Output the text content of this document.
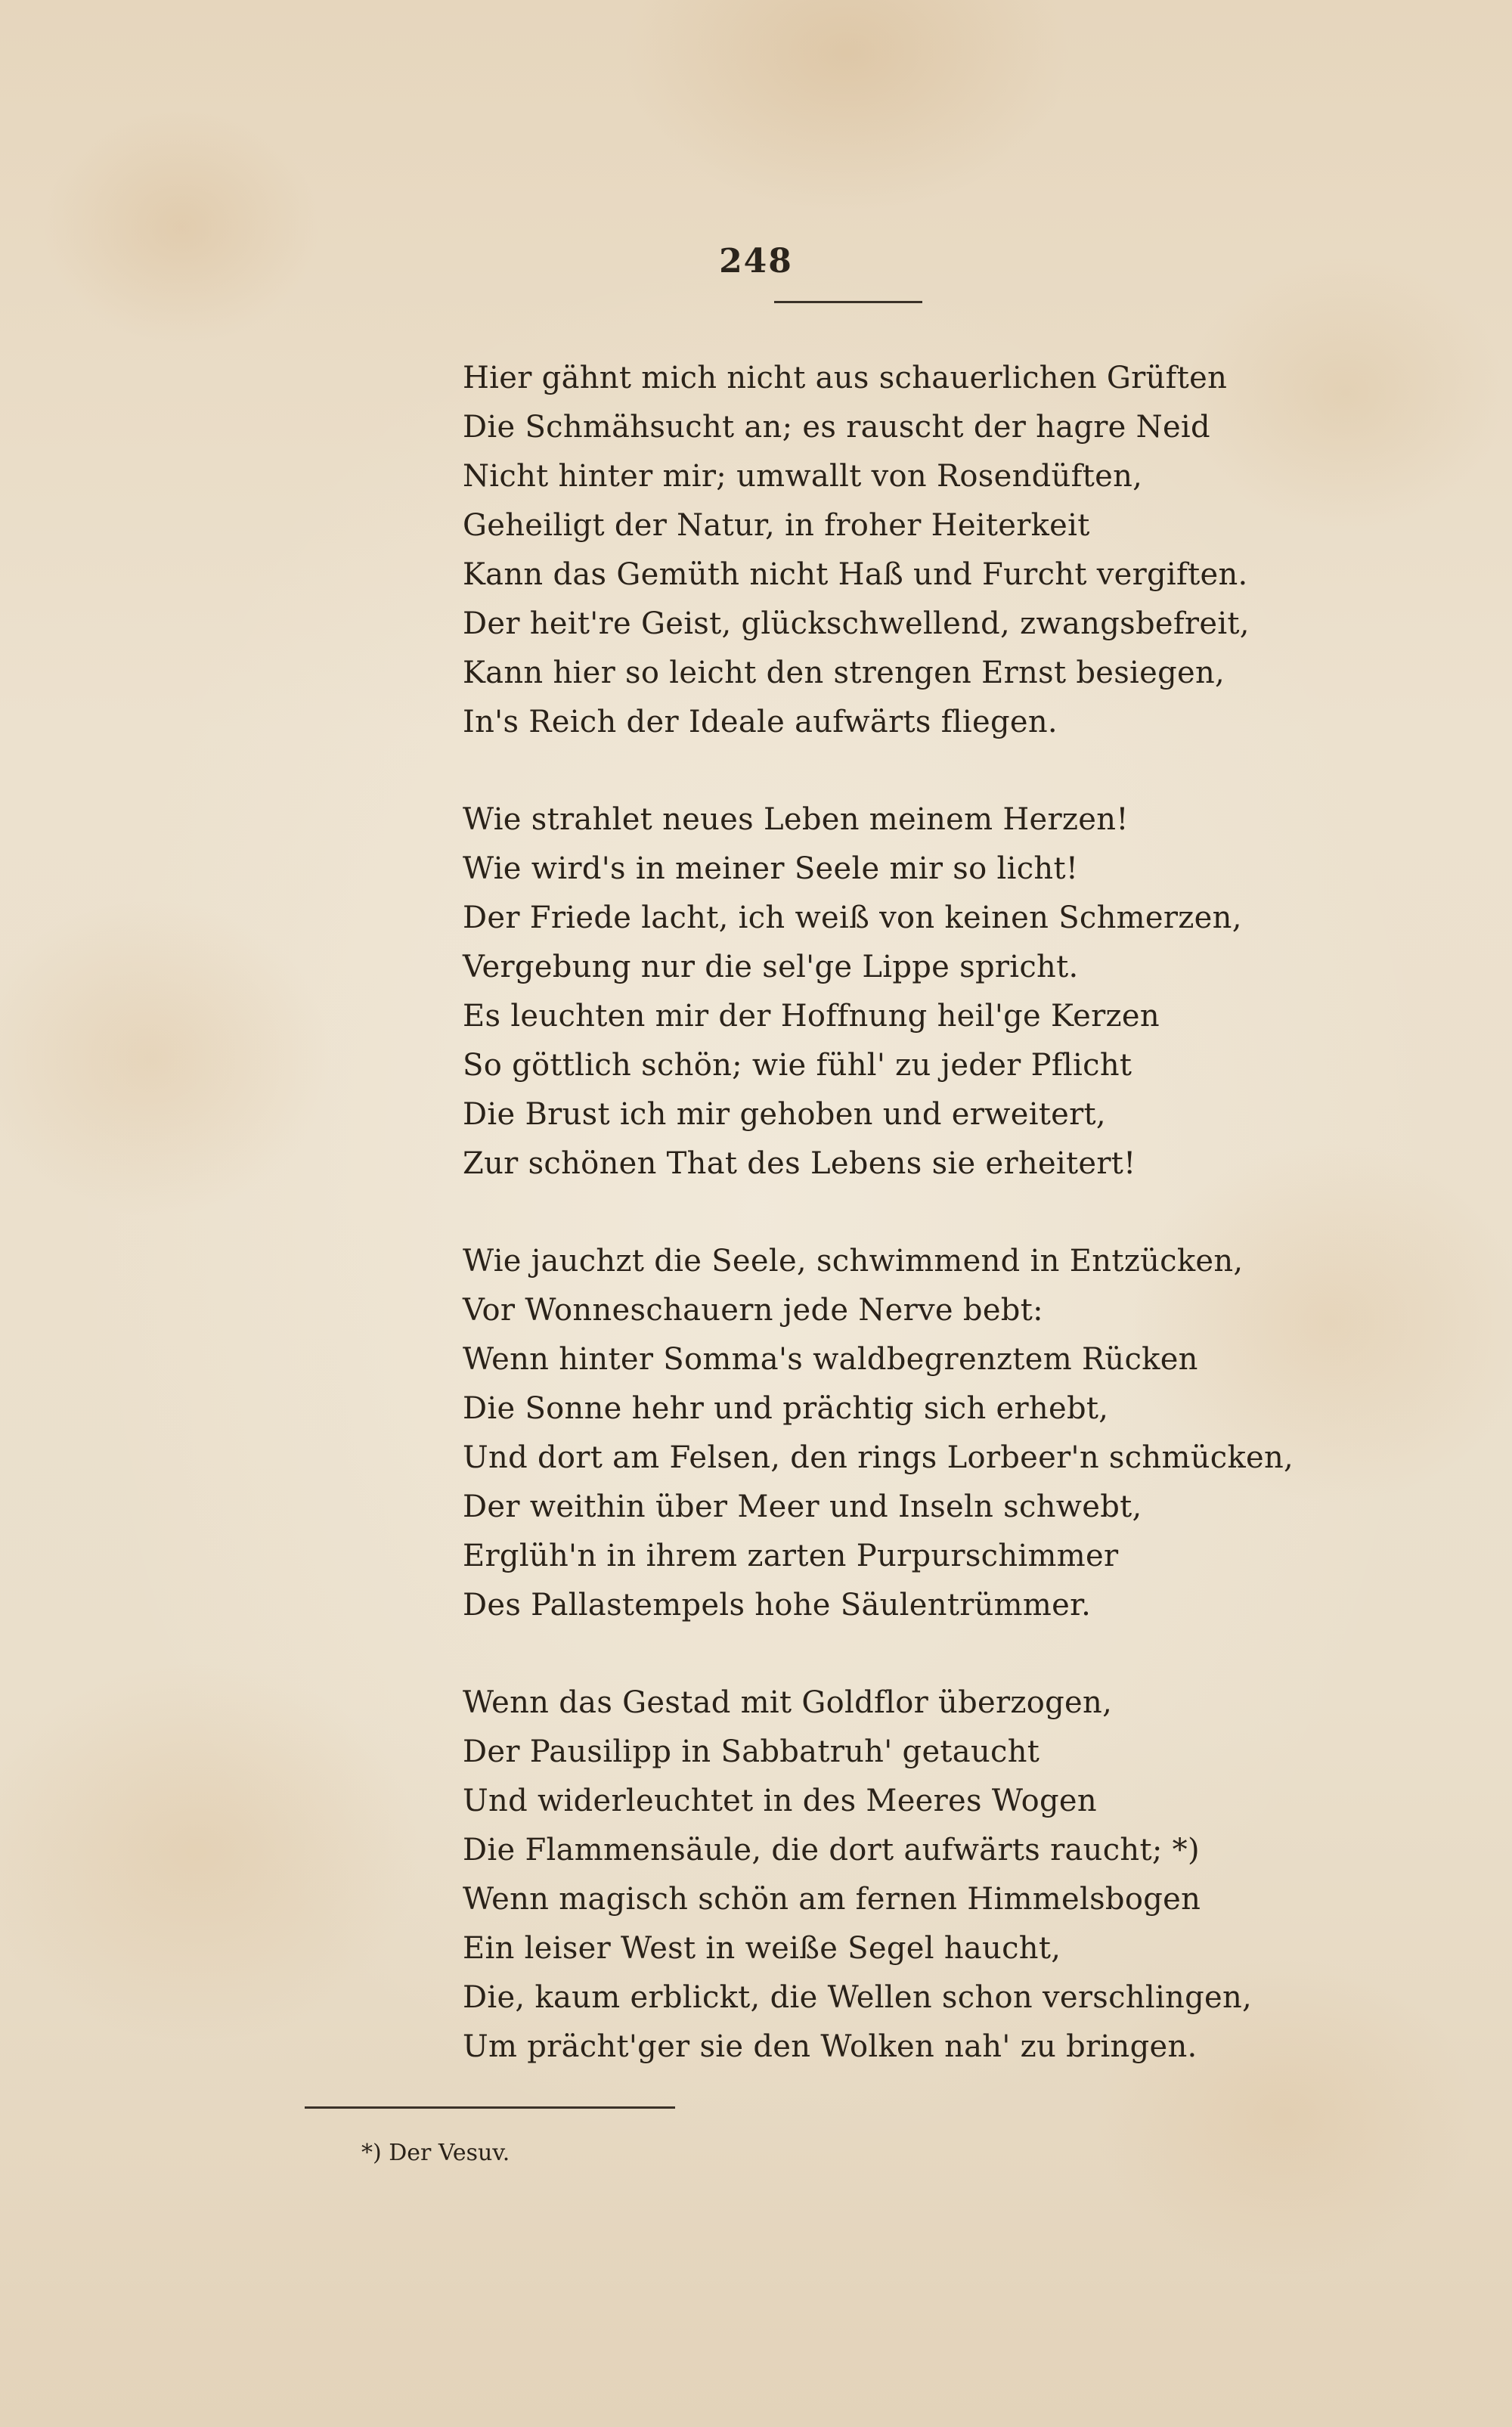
248
Hier gähnt mich nicht aus schauerlichen Grüften
Die Schmähsucht an; es rauscht der hagre Neid
Nicht hinter mir; umwallt von Rosendüften,
Geheiligt der Natur, in froher Heiterkeit
Kann das Gemüth nicht Haß und Furcht vergiften.
Der heit're Geist, glückschwellend, zwangsbefreit,
Kann hier so leicht den strengen Ernst besiegen,
In's Reich der Ideale aufwärts fliegen.
Wie strahlet neues Leben meinem Herzen!
Wie wird's in meiner Seele mir so licht!
Der Friede lacht, ich weiß von keinen Schmerzen,
Vergebung nur die sel'ge Lippe spricht.
Es leuchten mir der Hoffnung heil'ge Kerzen
So göttlich schön; wie fühl' zu jeder Pflicht
Die Brust ich mir gehoben und erweitert,
Zur schönen That des Lebens sie erheitert!
Wie jauchzt die Seele, schwimmend in Entzücken,
Vor Wonneschauern jede Nerve bebt:
Wenn hinter Somma's waldbegrenztem Rücken
Die Sonne hehr und prächtig sich erhebt,
Und dort am Felsen, den rings Lorbeer'n schmücken,
Der weithin über Meer und Inseln schwebt,
Erglüh'n in ihrem zarten Purpurschimmer
Des Pallastempels hohe Säulentrümmer.
Wenn das Gestad mit Goldflor überzogen,
Der Pausilipp in Sabbatruh' getaucht
Und widerleuchtet in des Meeres Wogen
Die Flammensäule, die dort aufwärts raucht; *)
Wenn magisch schön am fernen Himmelsbogen
Ein leiser West in weiße Segel haucht,
Die, kaum erblickt, die Wellen schon verschlingen,
Um prächt'ger sie den Wolken nah' zu bringen.
*) Der Vesuv.
